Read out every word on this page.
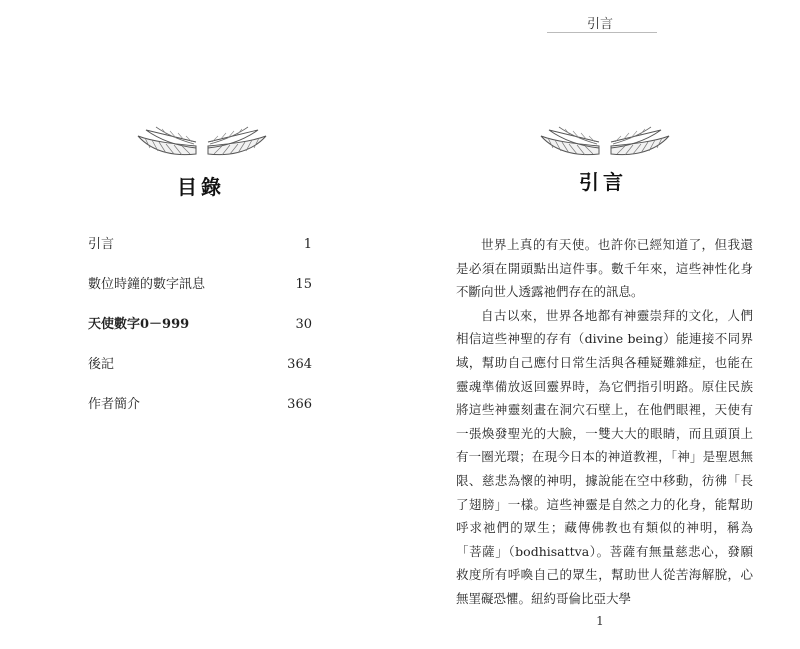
目錄
引言	1
數位時鐘的數字訊息	15
天使數字0－999	30
後記	364
作者簡介	366
引言
引言

世界上真的有天使。也許你已經知道了，但我還是必須在開頭點出這件事。數千年來，這些神性化身不斷向世人透露祂們存在的訊息。

自古以來，世界各地都有神靈崇拜的文化，人們相信這些神聖的存有（divine being）能連接不同界域，幫助自己應付日常生活與各種疑難雜症，也能在靈魂準備放返回靈界時，為它們指引明路。原住民族將這些神靈刻畫在洞穴石壁上，在他們眼裡，天使有一張煥發聖光的大臉，一雙大大的眼睛，而且頭頂上有一圈光環；在現今日本的神道教裡，「神」是聖恩無限、慈悲為懷的神明，據說能在空中移動，彷彿「長了翅膀」一樣。這些神靈是自然之力的化身，能幫助呼求祂們的眾生；藏傳佛教也有類似的神明，稱為「菩薩」（bodhisattva）。菩薩有無量慈悲心，發願救度所有呼喚自己的眾生，幫助世人從苦海解脫，心無罣礙恐懼。紐約哥倫比亞大學

1
